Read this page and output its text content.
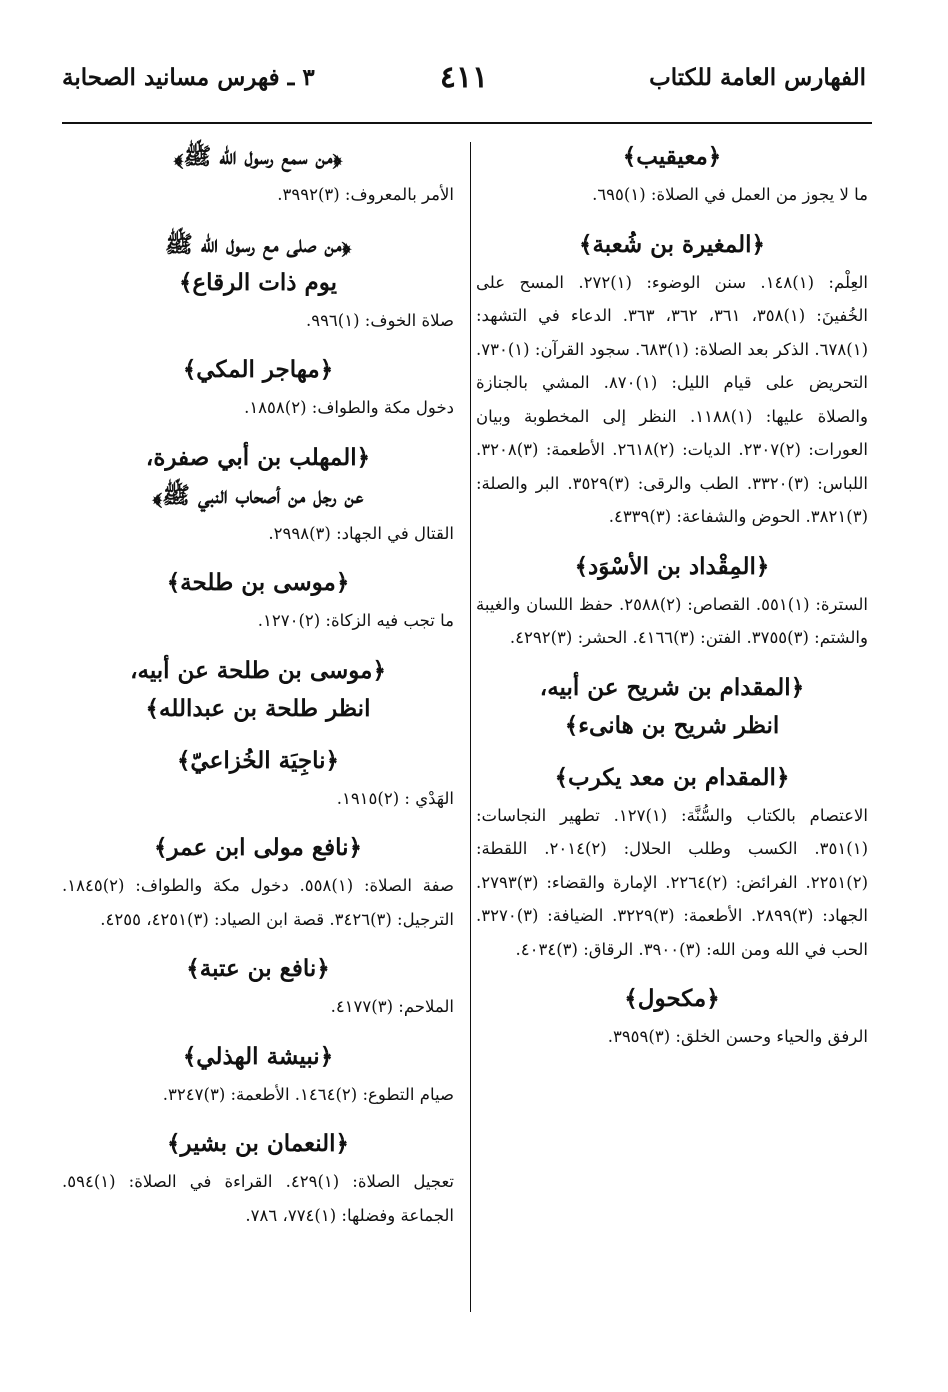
الفهارس العامة للكتاب
٤١١
٣ ـ فهرس مسانيد الصحابة
﴿معيقيب﴾
ما لا يجوز من العمل في الصلاة: (١)٦٩٥.
﴿المغيرة بن شُعبة﴾
العِلْم: (١)١٤٨. سنن الوضوء: (١)٢٧٢. المسح على الخُفينَ: (١)٣٥٨، ٣٦١، ٣٦٢، ٣٦٣. الدعاء في التشهد: (١)٦٧٨. الذكر بعد الصلاة: (١)٦٨٣. سجود القرآن: (١)٧٣٠. التحريض على قيام الليل: (١)٨٧٠. المشي بالجنازة والصلاة عليها: (١)١١٨٨. النظر إلى المخطوبة وبيان العورات: (٢)٢٣٠٧. الديات: (٢)٢٦١٨. الأطعمة: (٣)٣٢٠٨. اللباس: (٣)٣٣٢٠. الطب والرقى: (٣)٣٥٢٩. البر والصلة: (٣)٣٨٢١. الحوض والشفاعة: (٣)٤٣٣٩.
﴿المِقْداد بن الأسْوَد﴾
السترة: (١)٥٥١. القصاص: (٢)٢٥٨٨. حفظ اللسان والغيبة والشتم: (٣)٣٧٥٥. الفتن: (٣)٤١٦٦. الحشر: (٣)٤٢٩٢.
﴿المقدام بن شريح عن أبيه،
انظر شريح بن هانىء﴾
﴿المقدام بن معد يكرب﴾
الاعتصام بالكتاب والسُّنَّة: (١)١٢٧. تطهير النجاسات: (١)٣٥١. الكسب وطلب الحلال: (٢)٢٠١٤. اللقطة: (٢)٢٢٥١. الفرائض: (٢)٢٢٦٤. الإمارة والقضاء: (٣)٢٧٩٣. الجهاد: (٣)٢٨٩٩. الأطعمة: (٣)٣٢٢٩. الضيافة: (٣)٣٢٧٠. الحب في الله ومن الله: (٣)٣٩٠٠. الرقاق: (٣)٤٠٣٤.
﴿مكحول﴾
الرفق والحياء وحسن الخلق: (٣)٣٩٥٩.
﴿من سمع رسول الله ﷺ﴾
الأمر بالمعروف: (٣)٣٩٩٢.
﴿من صلى مع رسول الله ﷺ
يوم ذات الرقاع﴾
صلاة الخوف: (١)٩٩٦.
﴿مهاجر المكي﴾
دخول مكة والطواف: (٢)١٨٥٨.
﴿المهلب بن أبي صفرة،
عن رجل من أصحاب النبي ﷺ﴾
القتال في الجهاد: (٣)٢٩٩٨.
﴿موسى بن طلحة﴾
ما تجب فيه الزكاة: (٢)١٢٧٠.
﴿موسى بن طلحة عن أبيه،
انظر طلحة بن عبدالله﴾
﴿ناجِيَة الخُزاعيّ﴾
الهَدْي : (٢)١٩١٥.
﴿نافع مولى ابن عمر﴾
صفة الصلاة: (١)٥٥٨. دخول مكة والطواف: (٢)١٨٤٥. الترجيل: (٣)٣٤٢٦. قصة ابن الصياد: (٣)٤٢٥١، ٤٢٥٥.
﴿نافع بن عتبة﴾
الملاحم: (٣)٤١٧٧.
﴿نبيشة الهذلي﴾
صيام التطوع: (٢)١٤٦٤. الأطعمة: (٣)٣٢٤٧.
﴿النعمان بن بشير﴾
تعجيل الصلاة: (١)٤٢٩. القراءة في الصلاة: (١)٥٩٤. الجماعة وفضلها: (١)٧٧٤، ٧٨٦.
